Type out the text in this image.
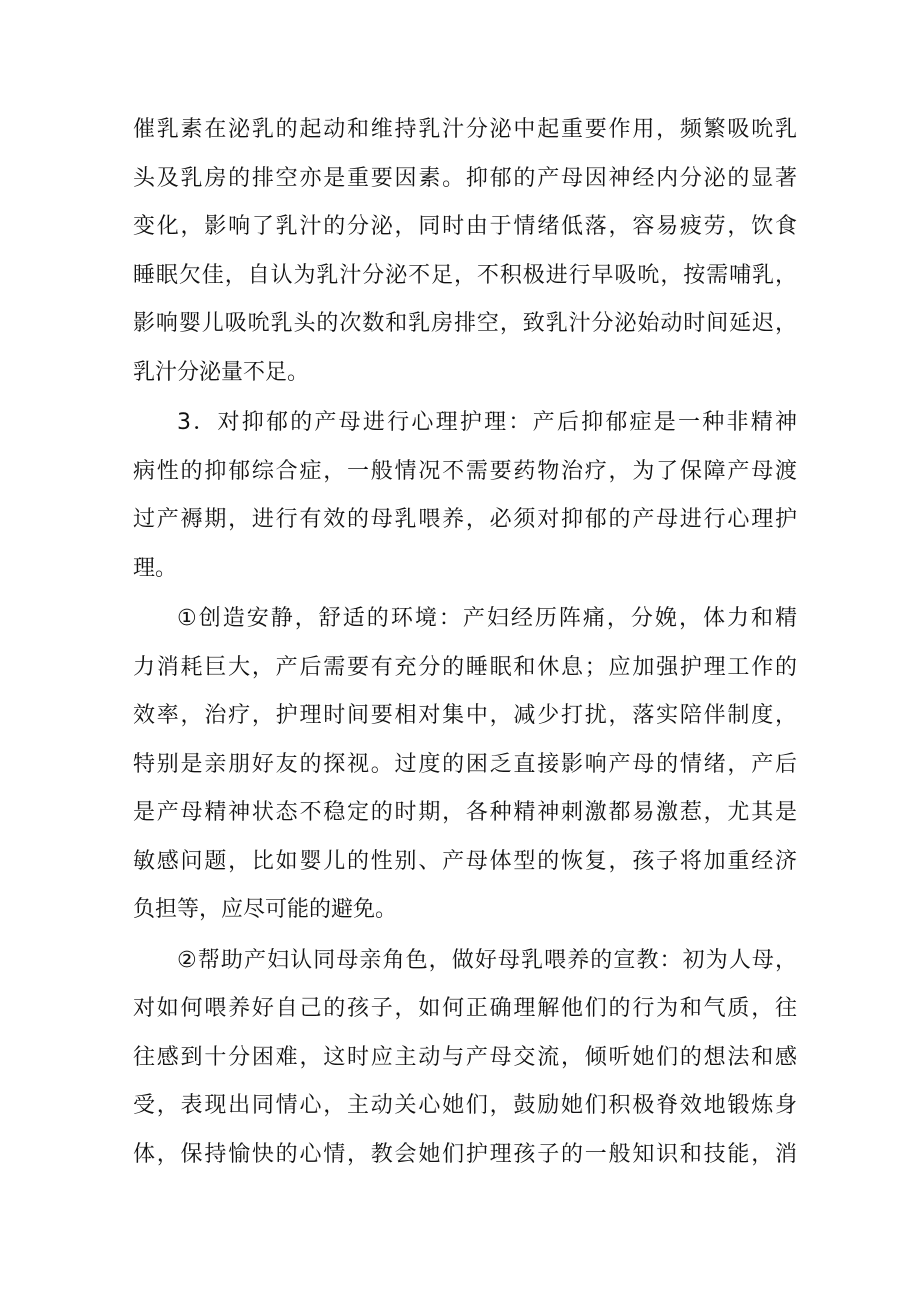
催乳素在泌乳的起动和维持乳汁分泌中起重要作用，频繁吸吮乳
头及乳房的排空亦是重要因素。抑郁的产母因神经内分泌的显著
变化，影响了乳汁的分泌，同时由于情绪低落，容易疲劳，饮食
睡眠欠佳，自认为乳汁分泌不足，不积极进行早吸吮，按需哺乳，
影响婴儿吸吮乳头的次数和乳房排空，致乳汁分泌始动时间延迟，
乳汁分泌量不足。
3．对抑郁的产母进行心理护理：产后抑郁症是一种非精神
病性的抑郁综合症，一般情况不需要药物治疗，为了保障产母渡
过产褥期，进行有效的母乳喂养，必须对抑郁的产母进行心理护
理。
①创造安静，舒适的环境：产妇经历阵痛，分娩，体力和精
力消耗巨大，产后需要有充分的睡眠和休息；应加强护理工作的
效率，治疗，护理时间要相对集中，减少打扰，落实陪伴制度，
特别是亲朋好友的探视。过度的困乏直接影响产母的情绪，产后
是产母精神状态不稳定的时期，各种精神刺激都易激惹，尤其是
敏感问题，比如婴儿的性别、产母体型的恢复，孩子将加重经济
负担等，应尽可能的避免。
②帮助产妇认同母亲角色，做好母乳喂养的宣教：初为人母，
对如何喂养好自己的孩子，如何正确理解他们的行为和气质，往
往感到十分困难，这时应主动与产母交流，倾听她们的想法和感
受，表现出同情心，主动关心她们，鼓励她们积极脊效地锻炼身
体，保持愉快的心情，教会她们护理孩子的一般知识和技能，消
